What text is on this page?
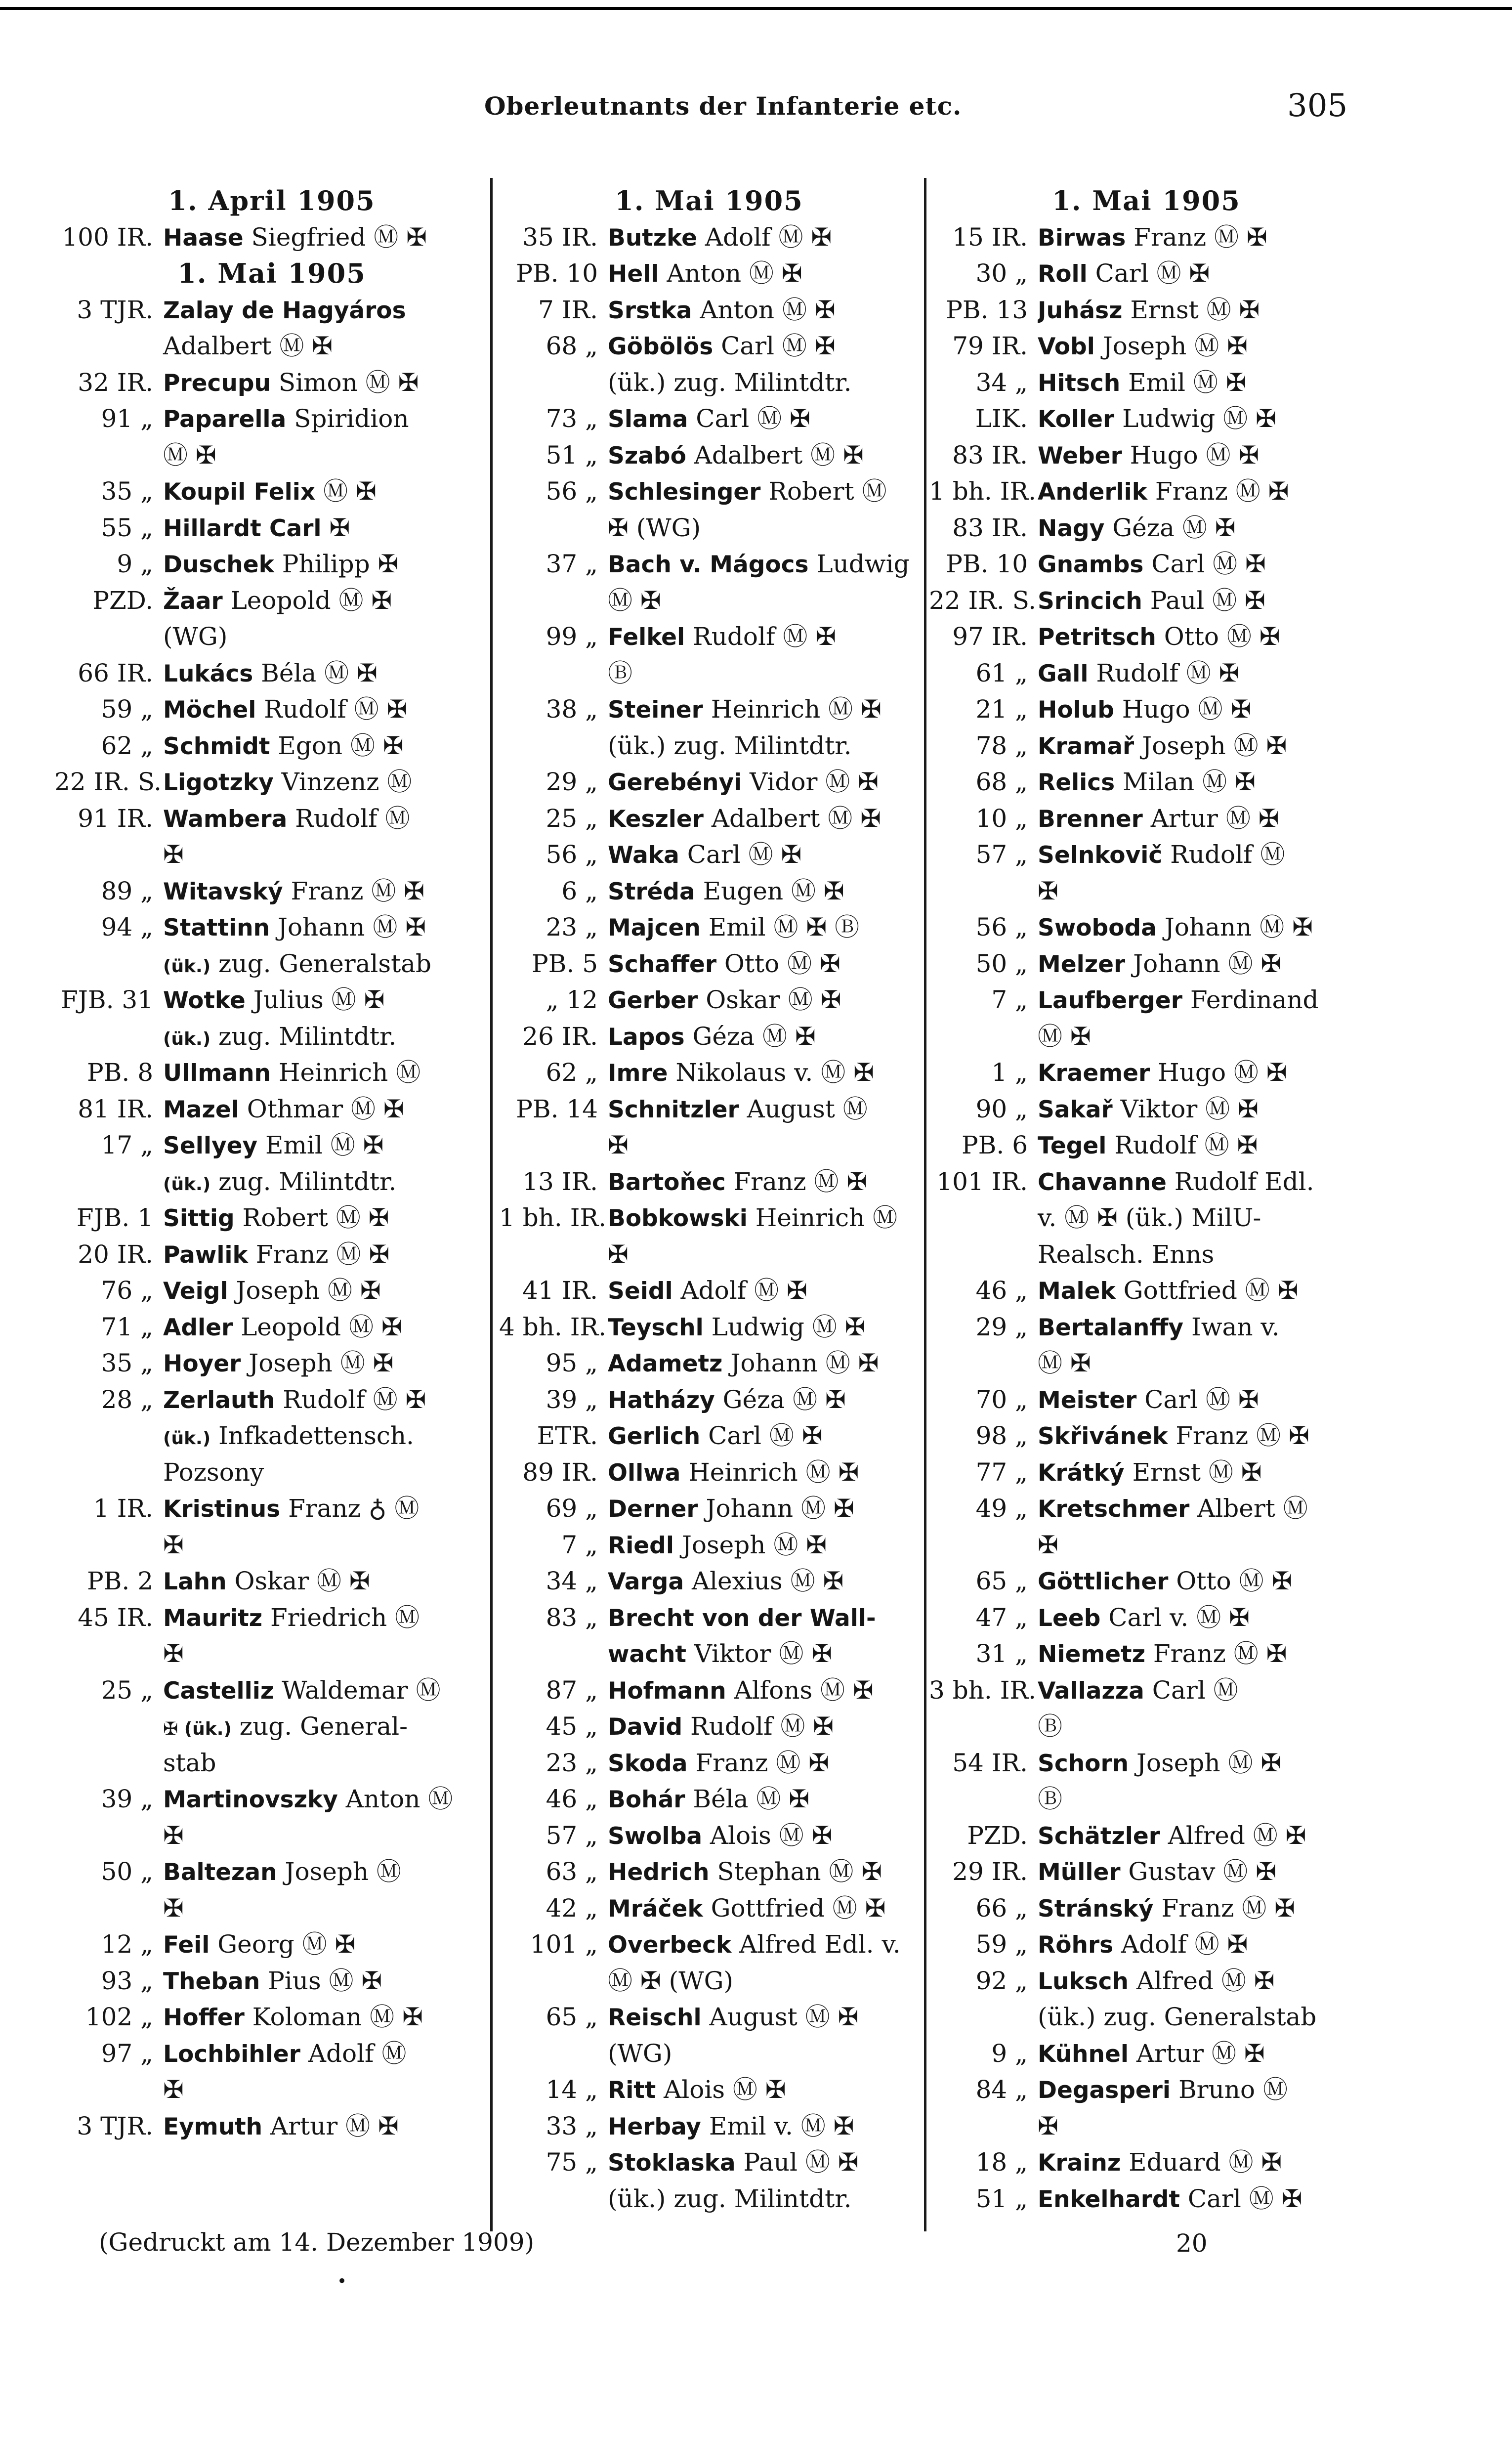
Oberleutnants der Infanterie etc.	305
1. April 1905
100 IR. Haase Siegfried Ⓜ ✠
1. Mai 1905
3 TJR. Zalay de Hagyáros
Adalbert Ⓜ ✠
32 IR. Precupu Simon Ⓜ ✠
91 „ Paparella Spiridion
Ⓜ ✠
35 „ Koupil Felix Ⓜ ✠
55 „ Hillardt Carl ✠
9 „ Duschek Philipp ✠
PZD. Žaar Leopold Ⓜ ✠
(WG)
66 IR. Lukács Béla Ⓜ ✠
59 „ Möchel Rudolf Ⓜ ✠
62 „ Schmidt Egon Ⓜ ✠
22 IR. S. Ligotzky Vinzenz Ⓜ
91 IR. Wambera Rudolf Ⓜ
✠
89 „ Witavský Franz Ⓜ ✠
94 „ Stattinn Johann Ⓜ ✠
(ük.) zug. Generalstab
FJB. 31 Wotke Julius Ⓜ ✠
(ük.) zug. Milintdtr.
PB. 8 Ullmann Heinrich Ⓜ
81 IR. Mazel Othmar Ⓜ ✠
17 „ Sellyey Emil Ⓜ ✠
(ük.) zug. Milintdtr.
FJB. 1 Sittig Robert Ⓜ ✠
20 IR. Pawlik Franz Ⓜ ✠
76 „ Veigl Joseph Ⓜ ✠
71 „ Adler Leopold Ⓜ ✠
35 „ Hoyer Joseph Ⓜ ✠
28 „ Zerlauth Rudolf Ⓜ ✠
(ük.) Infkadettensch.
Pozsony
1 IR. Kristinus Franz ♁ Ⓜ
✠
PB. 2 Lahn Oskar Ⓜ ✠
45 IR. Mauritz Friedrich Ⓜ
✠
25 „ Castelliz Waldemar Ⓜ
✠ (ük.) zug. General-
stab
39 „ Martinovszky Anton Ⓜ
✠
50 „ Baltezan Joseph Ⓜ
✠
12 „ Feil Georg Ⓜ ✠
93 „ Theban Pius Ⓜ ✠
102 „ Hoffer Koloman Ⓜ ✠
97 „ Lochbihler Adolf Ⓜ
✠
3 TJR. Eymuth Artur Ⓜ ✠
1. Mai 1905
35 IR. Butzke Adolf Ⓜ ✠
PB. 10 Hell Anton Ⓜ ✠
7 IR. Srstka Anton Ⓜ ✠
68 „ Göbölös Carl Ⓜ ✠
(ük.) zug. Milintdtr.
73 „ Slama Carl Ⓜ ✠
51 „ Szabó Adalbert Ⓜ ✠
56 „ Schlesinger Robert Ⓜ
✠ (WG)
37 „ Bach v. Mágocs Ludwig
Ⓜ ✠
99 „ Felkel Rudolf Ⓜ ✠
Ⓑ
38 „ Steiner Heinrich Ⓜ ✠
(ük.) zug. Milintdtr.
29 „ Gerebényi Vidor Ⓜ ✠
25 „ Keszler Adalbert Ⓜ ✠
56 „ Waka Carl Ⓜ ✠
6 „ Stréda Eugen Ⓜ ✠
23 „ Majcen Emil Ⓜ ✠ Ⓑ
PB. 5 Schaffer Otto Ⓜ ✠
„ 12 Gerber Oskar Ⓜ ✠
26 IR. Lapos Géza Ⓜ ✠
62 „ Imre Nikolaus v. Ⓜ ✠
PB. 14 Schnitzler August Ⓜ
✠
13 IR. Bartoňec Franz Ⓜ ✠
1 bh. IR. Bobkowski Heinrich Ⓜ
✠
41 IR. Seidl Adolf Ⓜ ✠
4 bh. IR. Teyschl Ludwig Ⓜ ✠
95 „ Adametz Johann Ⓜ ✠
39 „ Hatházy Géza Ⓜ ✠
ETR. Gerlich Carl Ⓜ ✠
89 IR. Ollwa Heinrich Ⓜ ✠
69 „ Derner Johann Ⓜ ✠
7 „ Riedl Joseph Ⓜ ✠
34 „ Varga Alexius Ⓜ ✠
83 „ Brecht von der Wall-
wacht Viktor Ⓜ ✠
87 „ Hofmann Alfons Ⓜ ✠
45 „ David Rudolf Ⓜ ✠
23 „ Skoda Franz Ⓜ ✠
46 „ Bohár Béla Ⓜ ✠
57 „ Swolba Alois Ⓜ ✠
63 „ Hedrich Stephan Ⓜ ✠
42 „ Mráček Gottfried Ⓜ ✠
101 „ Overbeck Alfred Edl. v.
Ⓜ ✠ (WG)
65 „ Reischl August Ⓜ ✠
(WG)
14 „ Ritt Alois Ⓜ ✠
33 „ Herbay Emil v. Ⓜ ✠
75 „ Stoklaska Paul Ⓜ ✠
(ük.) zug. Milintdtr.
1. Mai 1905
15 IR. Birwas Franz Ⓜ ✠
30 „ Roll Carl Ⓜ ✠
PB. 13 Juhász Ernst Ⓜ ✠
79 IR. Vobl Joseph Ⓜ ✠
34 „ Hitsch Emil Ⓜ ✠
LIK. Koller Ludwig Ⓜ ✠
83 IR. Weber Hugo Ⓜ ✠
1 bh. IR. Anderlik Franz Ⓜ ✠
83 IR. Nagy Géza Ⓜ ✠
PB. 10 Gnambs Carl Ⓜ ✠
22 IR. S. Srincich Paul Ⓜ ✠
97 IR. Petritsch Otto Ⓜ ✠
61 „ Gall Rudolf Ⓜ ✠
21 „ Holub Hugo Ⓜ ✠
78 „ Kramař Joseph Ⓜ ✠
68 „ Relics Milan Ⓜ ✠
10 „ Brenner Artur Ⓜ ✠
57 „ Selnkovič Rudolf Ⓜ
✠
56 „ Swoboda Johann Ⓜ ✠
50 „ Melzer Johann Ⓜ ✠
7 „ Laufberger Ferdinand
Ⓜ ✠
1 „ Kraemer Hugo Ⓜ ✠
90 „ Sakař Viktor Ⓜ ✠
PB. 6 Tegel Rudolf Ⓜ ✠
101 IR. Chavanne Rudolf Edl.
v. Ⓜ ✠ (ük.) MilU-
Realsch. Enns
46 „ Malek Gottfried Ⓜ ✠
29 „ Bertalanffy Iwan v.
Ⓜ ✠
70 „ Meister Carl Ⓜ ✠
98 „ Skřivánek Franz Ⓜ ✠
77 „ Krátký Ernst Ⓜ ✠
49 „ Kretschmer Albert Ⓜ
✠
65 „ Göttlicher Otto Ⓜ ✠
47 „ Leeb Carl v. Ⓜ ✠
31 „ Niemetz Franz Ⓜ ✠
3 bh. IR. Vallazza Carl Ⓜ
Ⓑ
54 IR. Schorn Joseph Ⓜ ✠
Ⓑ
PZD. Schätzler Alfred Ⓜ ✠
29 IR. Müller Gustav Ⓜ ✠
66 „ Stránský Franz Ⓜ ✠
59 „ Röhrs Adolf Ⓜ ✠
92 „ Luksch Alfred Ⓜ ✠
(ük.) zug. Generalstab
9 „ Kühnel Artur Ⓜ ✠
84 „ Degasperi Bruno Ⓜ
✠
18 „ Krainz Eduard Ⓜ ✠
51 „ Enkelhardt Carl Ⓜ ✠
(Gedruckt am 14. Dezember 1909)	20
•
